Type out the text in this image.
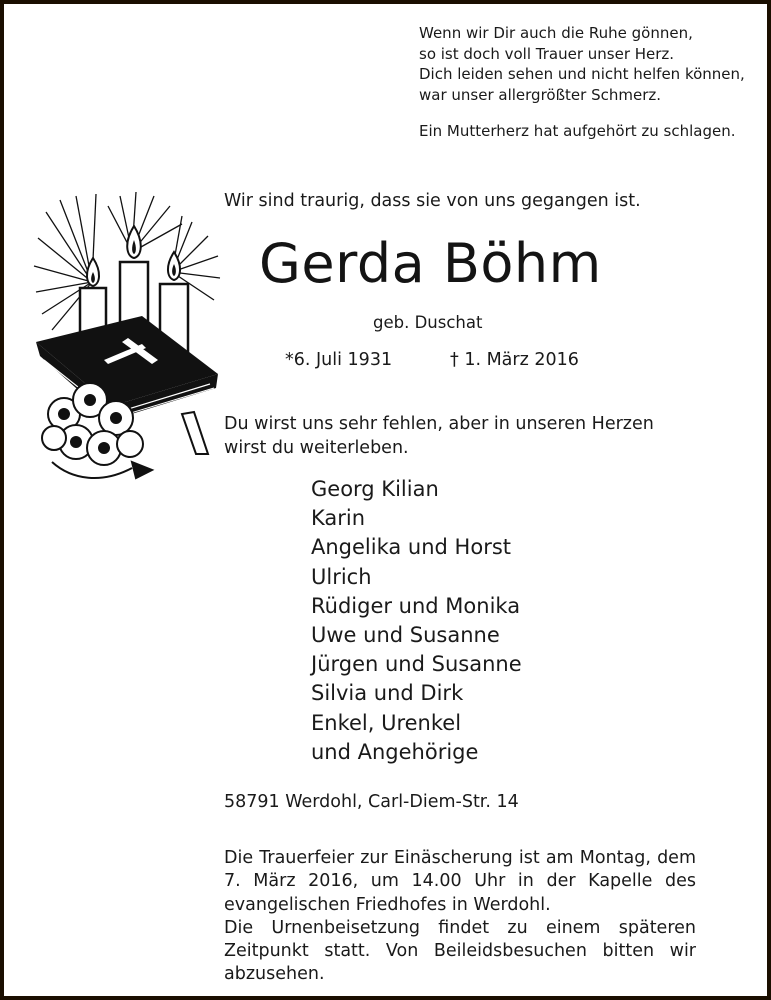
Wenn wir Dir auch die Ruhe gönnen,
so ist doch voll Trauer unser Herz.
Dich leiden sehen und nicht helfen können,
war unser allergrößter Schmerz.
Ein Mutterherz hat aufgehört zu schlagen.
Wir sind traurig, dass sie von uns gegangen ist.
Gerda Böhm
geb. Duschat
*6. Juli 1931	† 1. März 2016
Du wirst uns sehr fehlen, aber in unseren Herzen
wirst du weiterleben.
Georg Kilian
Karin
Angelika und Horst
Ulrich
Rüdiger und Monika
Uwe und Susanne
Jürgen und Susanne
Silvia und Dirk
Enkel, Urenkel
und Angehörige
58791 Werdohl, Carl-Diem-Str. 14
Die Trauerfeier zur Einäscherung ist am Montag, dem
7. März 2016, um 14.00 Uhr in der Kapelle des
evangelischen Friedhofes in Werdohl.
Die Urnenbeisetzung findet zu einem späteren
Zeitpunkt statt. Von Beileidsbesuchen bitten wir
abzusehen.
